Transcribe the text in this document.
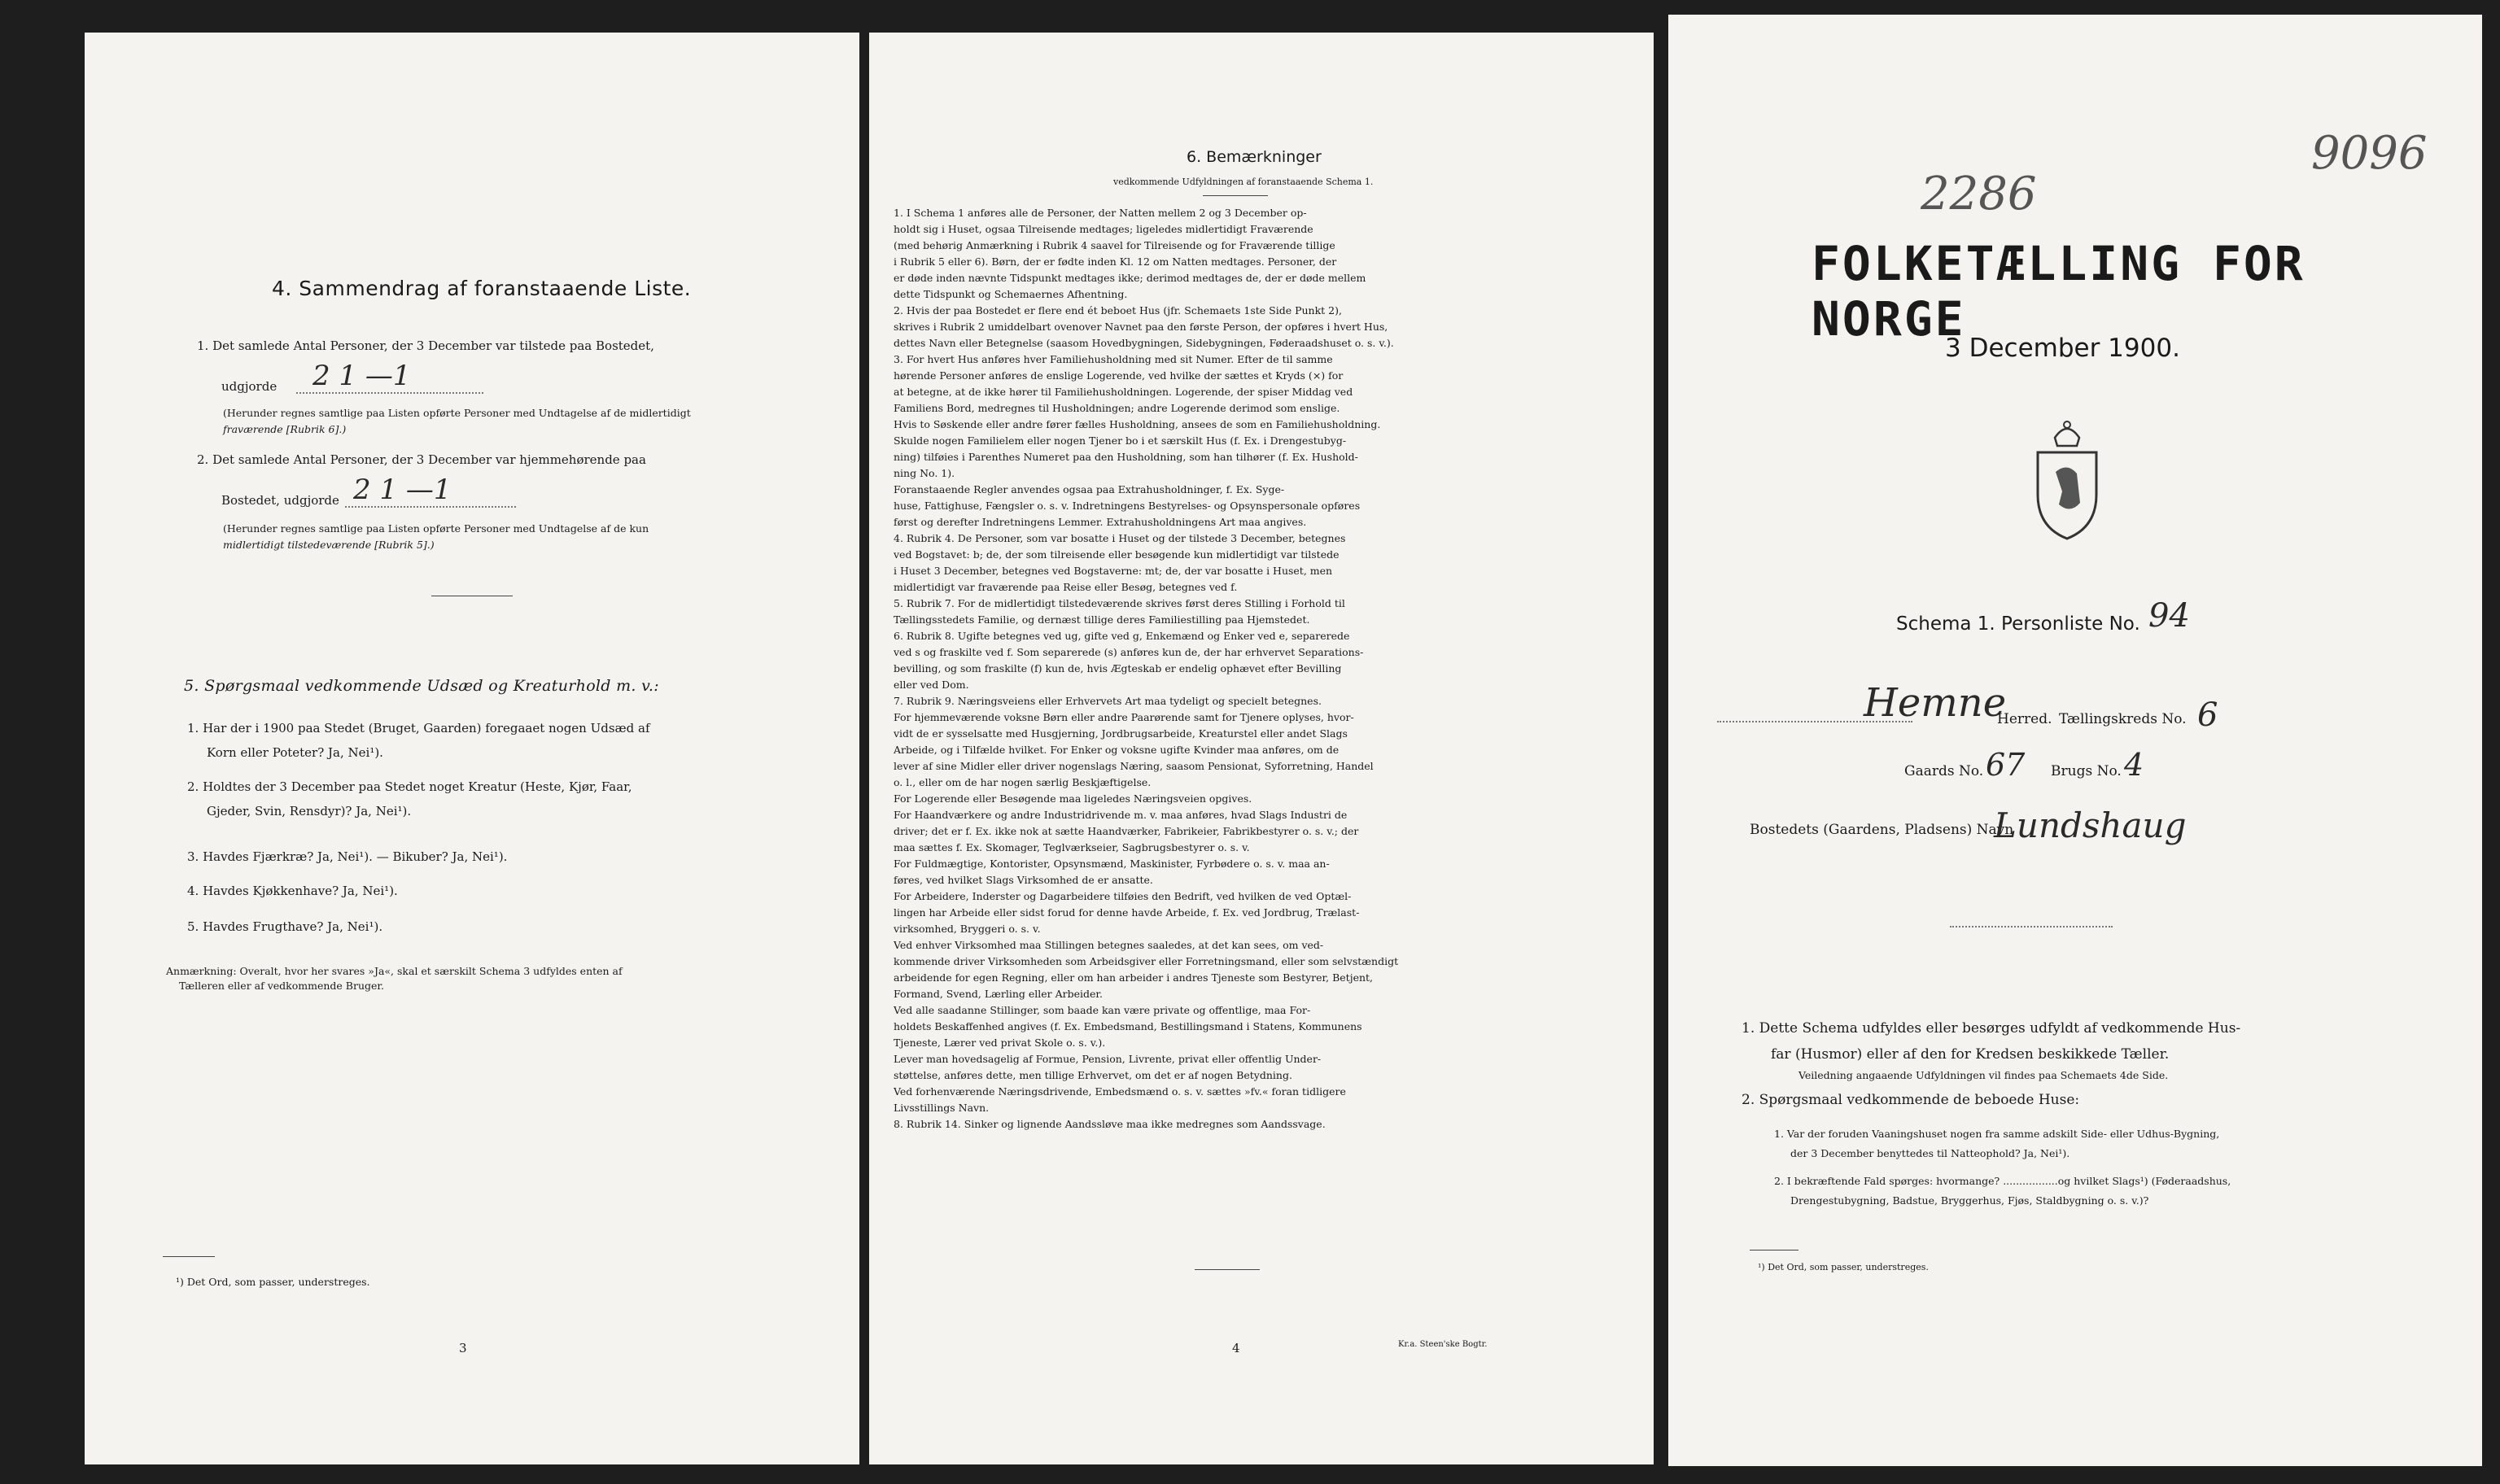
4. Sammendrag af foranstaaende Liste.
1. Det samlede Antal Personer, der 3 December var tilstede paa Bostedet,
udgjorde 2 1 —1
(Herunder regnes samtlige paa Listen opførte Personer med Undtagelse af de midlertidigt
fraværende [Rubrik 6].)
2. Det samlede Antal Personer, der 3 December var hjemmehørende paa
Bostedet, udgjorde 2 1 —1
(Herunder regnes samtlige paa Listen opførte Personer med Undtagelse af de kun
midlertidigt tilstedeværende [Rubrik 5].)
5. Spørgsmaal vedkommende Udsæd og Kreaturhold m. v.:
1. Har der i 1900 paa Stedet (Bruget, Gaarden) foregaaet nogen Udsæd af
Korn eller Poteter? Ja, Nei¹).
2. Holdtes der 3 December paa Stedet noget Kreatur (Heste, Kjør, Faar,
Gjeder, Svin, Rensdyr)? Ja, Nei¹).
3. Havdes Fjærkræ? Ja, Nei¹). — Bikuber? Ja, Nei¹).
4. Havdes Kjøkkenhave? Ja, Nei¹).
5. Havdes Frugthave? Ja, Nei¹).
Anmærkning: Overalt, hvor her svares »Ja«, skal et særskilt Schema 3 udfyldes enten af
Tælleren eller af vedkommende Bruger.
¹) Det Ord, som passer, understreges.
3
6. Bemærkninger
vedkommende Udfyldningen af foranstaaende Schema 1.
1. I Schema 1 anføres alle de Personer, der Natten mellem 2 og 3 December op-
holdt sig i Huset, ogsaa Tilreisende medtages; ligeledes midlertidigt Fraværende
(med behørig Anmærkning i Rubrik 4 saavel for Tilreisende og for Fraværende tillige
i Rubrik 5 eller 6). Børn, der er fødte inden Kl. 12 om Natten medtages. Personer, der
er døde inden nævnte Tidspunkt medtages ikke; derimod medtages de, der er døde mellem
dette Tidspunkt og Schemaernes Afhentning.
2. Hvis der paa Bostedet er flere end ét beboet Hus (jfr. Schemaets 1ste Side Punkt 2),
skrives i Rubrik 2 umiddelbart ovenover Navnet paa den første Person, der opføres i hvert Hus,
dettes Navn eller Betegnelse (saasom Hovedbygningen, Sidebygningen, Føderaadshuset o. s. v.).
3. For hvert Hus anføres hver Familiehusholdning med sit Numer. Efter de til samme
hørende Personer anføres de enslige Logerende, ved hvilke der sættes et Kryds (×) for
at betegne, at de ikke hører til Familiehusholdningen. Logerende, der spiser Middag ved
Familiens Bord, medregnes til Husholdningen; andre Logerende derimod som enslige.
Hvis to Søskende eller andre fører fælles Husholdning, ansees de som en Familiehusholdning.
Skulde nogen Familielem eller nogen Tjener bo i et særskilt Hus (f. Ex. i Drengestubyg-
ning) tilføies i Parenthes Numeret paa den Husholdning, som han tilhører (f. Ex. Hushold-
ning No. 1).
Foranstaaende Regler anvendes ogsaa paa Extrahusholdninger, f. Ex. Syge-
huse, Fattighuse, Fængsler o. s. v. Indretningens Bestyrelses- og Opsynspersonale opføres
først og derefter Indretningens Lemmer. Extrahusholdningens Art maa angives.
4. Rubrik 4. De Personer, som var bosatte i Huset og der tilstede 3 December, betegnes
ved Bogstavet: b; de, der som tilreisende eller besøgende kun midlertidigt var tilstede
i Huset 3 December, betegnes ved Bogstaverne: mt; de, der var bosatte i Huset, men
midlertidigt var fraværende paa Reise eller Besøg, betegnes ved f.
5. Rubrik 7. For de midlertidigt tilstedeværende skrives først deres Stilling i Forhold til
Tællingsstedets Familie, og dernæst tillige deres Familiestilling paa Hjemstedet.
6. Rubrik 8. Ugifte betegnes ved ug, gifte ved g, Enkemænd og Enker ved e, separerede
ved s og fraskilte ved f. Som separerede (s) anføres kun de, der har erhvervet Separations-
bevilling, og som fraskilte (f) kun de, hvis Ægteskab er endelig ophævet efter Bevilling
eller ved Dom.
7. Rubrik 9. Næringsveiens eller Erhvervets Art maa tydeligt og specielt betegnes.
For hjemmeværende voksne Børn eller andre Paarørende samt for Tjenere oplyses, hvor-
vidt de er sysselsatte med Husgjerning, Jordbrugsarbeide, Kreaturstel eller andet Slags
Arbeide, og i Tilfælde hvilket. For Enker og voksne ugifte Kvinder maa anføres, om de
lever af sine Midler eller driver nogenslags Næring, saasom Pensionat, Syforretning, Handel
o. l., eller om de har nogen særlig Beskjæftigelse.
For Logerende eller Besøgende maa ligeledes Næringsveien opgives.
For Haandværkere og andre Industridrivende m. v. maa anføres, hvad Slags Industri de
driver; det er f. Ex. ikke nok at sætte Haandværker, Fabrikeier, Fabrikbestyrer o. s. v.; der
maa sættes f. Ex. Skomager, Teglværkseier, Sagbrugsbestyrer o. s. v.
For Fuldmægtige, Kontorister, Opsynsmænd, Maskinister, Fyrbødere o. s. v. maa an-
føres, ved hvilket Slags Virksomhed de er ansatte.
For Arbeidere, Inderster og Dagarbeidere tilføies den Bedrift, ved hvilken de ved Optæl-
lingen har Arbeide eller sidst forud for denne havde Arbeide, f. Ex. ved Jordbrug, Trælast-
virksomhed, Bryggeri o. s. v.
Ved enhver Virksomhed maa Stillingen betegnes saaledes, at det kan sees, om ved-
kommende driver Virksomheden som Arbeidsgiver eller Forretningsmand, eller som selvstændigt
arbeidende for egen Regning, eller om han arbeider i andres Tjeneste som Bestyrer, Betjent,
Formand, Svend, Lærling eller Arbeider.
Ved alle saadanne Stillinger, som baade kan være private og offentlige, maa For-
holdets Beskaffenhed angives (f. Ex. Embedsmand, Bestillingsmand i Statens, Kommunens
Tjeneste, Lærer ved privat Skole o. s. v.).
Lever man hovedsagelig af Formue, Pension, Livrente, privat eller offentlig Under-
støttelse, anføres dette, men tillige Erhvervet, om det er af nogen Betydning.
Ved forhenværende Næringsdrivende, Embedsmænd o. s. v. sættes »fv.« foran tidligere
Livsstillings Navn.
8. Rubrik 14. Sinker og lignende Aandssløve maa ikke medregnes som Aandssvage.
4	Kr.a. Steen'ske Bogtr.
9096
2286
FOLKETÆLLING FOR NORGE
3 December 1900.
Schema 1. Personliste No. 94
Hemne
Herred. Tællingskreds No. 6
Gaards No. 67 Brugs No. 4
Bostedets (Gaardens, Pladsens) Navn
Lundshaug
1. Dette Schema udfyldes eller besørges udfyldt af vedkommende Hus-
far (Husmor) eller af den for Kredsen beskikkede Tæller.
Veiledning angaaende Udfyldningen vil findes paa Schemaets 4de Side.
2. Spørgsmaal vedkommende de beboede Huse:
1. Var der foruden Vaaningshuset nogen fra samme adskilt Side- eller Udhus-Bygning,
der 3 December benyttedes til Natteophold? Ja, Nei¹).
2. I bekræftende Fald spørges: hvormange? .................og hvilket Slags¹) (Føderaadshus,
Drengestubygning, Badstue, Bryggerhus, Fjøs, Staldbygning o. s. v.)?
¹) Det Ord, som passer, understreges.
